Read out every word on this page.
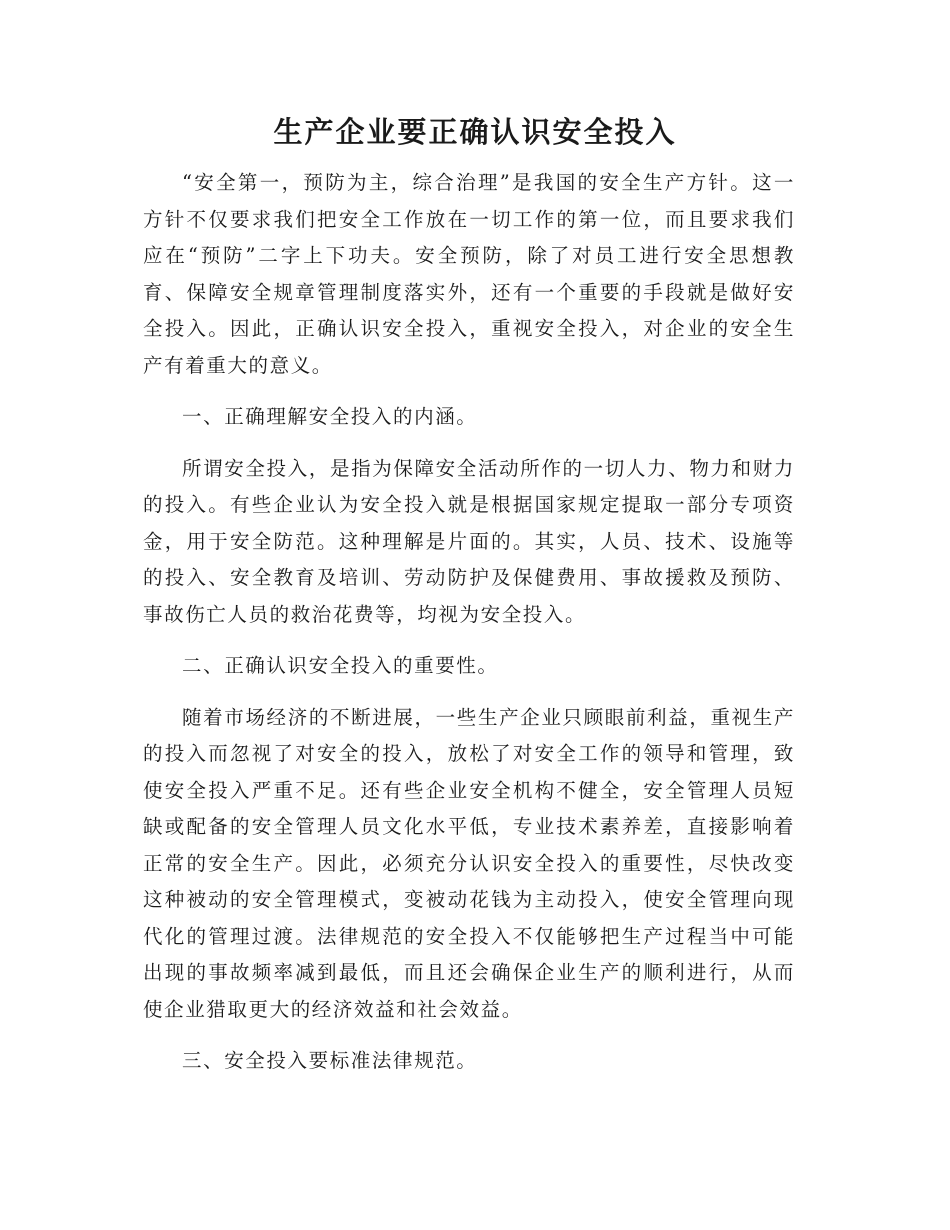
生产企业要正确认识安全投入

“安全第一，预防为主，综合治理”是我国的安全生产方针。这一方针不仅要求我们把安全工作放在一切工作的第一位，而且要求我们应在“预防”二字上下功夫。安全预防，除了对员工进行安全思想教育、保障安全规章管理制度落实外，还有一个重要的手段就是做好安全投入。因此，正确认识安全投入，重视安全投入，对企业的安全生产有着重大的意义。

一、正确理解安全投入的内涵。

所谓安全投入，是指为保障安全活动所作的一切人力、物力和财力的投入。有些企业认为安全投入就是根据国家规定提取一部分专项资金，用于安全防范。这种理解是片面的。其实，人员、技术、设施等的投入、安全教育及培训、劳动防护及保健费用、事故援救及预防、事故伤亡人员的救治花费等，均视为安全投入。

二、正确认识安全投入的重要性。

随着市场经济的不断进展，一些生产企业只顾眼前利益，重视生产的投入而忽视了对安全的投入，放松了对安全工作的领导和管理，致使安全投入严重不足。还有些企业安全机构不健全，安全管理人员短缺或配备的安全管理人员文化水平低，专业技术素养差，直接影响着正常的安全生产。因此，必须充分认识安全投入的重要性，尽快改变这种被动的安全管理模式，变被动花钱为主动投入，使安全管理向现代化的管理过渡。法律规范的安全投入不仅能够把生产过程当中可能出现的事故频率减到最低，而且还会确保企业生产的顺利进行，从而使企业猎取更大的经济效益和社会效益。

三、安全投入要标准法律规范。
